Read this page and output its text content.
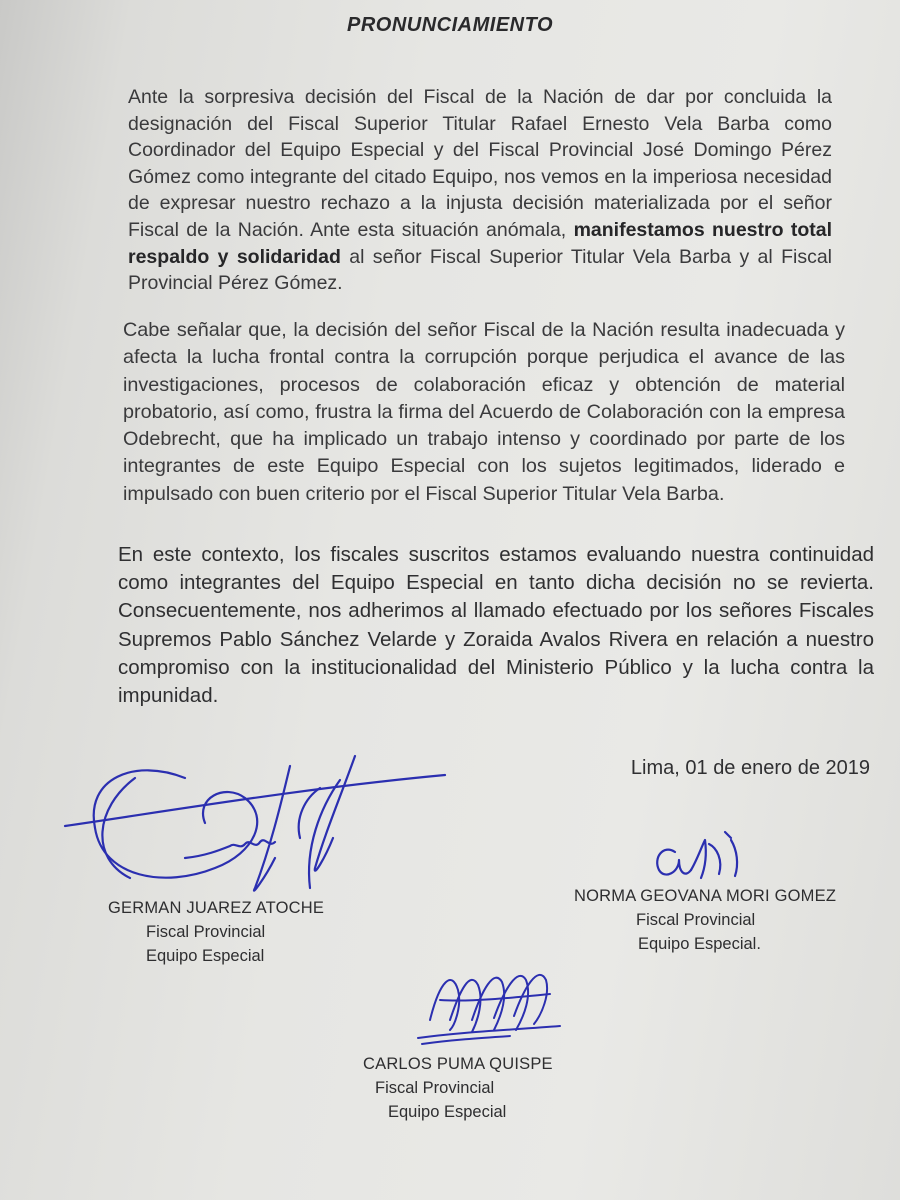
PRONUNCIAMIENTO

Ante la sorpresiva decisión del Fiscal de la Nación de dar por concluida la designación del Fiscal Superior Titular Rafael Ernesto Vela Barba como Coordinador del Equipo Especial y del Fiscal Provincial José Domingo Pérez Gómez como integrante del citado Equipo, nos vemos en la imperiosa necesidad de expresar nuestro rechazo a la injusta decisión materializada por el señor Fiscal de la Nación. Ante esta situación anómala, manifestamos nuestro total respaldo y solidaridad al señor Fiscal Superior Titular Vela Barba y al Fiscal Provincial Pérez Gómez.

Cabe señalar que, la decisión del señor Fiscal de la Nación resulta inadecuada y afecta la lucha frontal contra la corrupción porque perjudica el avance de las investigaciones, procesos de colaboración eficaz y obtención de material probatorio, así como, frustra la firma del Acuerdo de Colaboración con la empresa Odebrecht, que ha implicado un trabajo intenso y coordinado por parte de los integrantes de este Equipo Especial con los sujetos legitimados, liderado e impulsado con buen criterio por el Fiscal Superior Titular Vela Barba.

En este contexto, los fiscales suscritos estamos evaluando nuestra continuidad como integrantes del Equipo Especial en tanto dicha decisión no se revierta. Consecuentemente, nos adherimos al llamado efectuado por los señores Fiscales Supremos Pablo Sánchez Velarde y Zoraida Avalos Rivera en relación a nuestro compromiso con la institucionalidad del Ministerio Público y la lucha contra la impunidad.

Lima, 01 de enero de 2019
GERMAN JUAREZ ATOCHE
Fiscal Provincial
Equipo Especial
NORMA GEOVANA MORI GOMEZ
Fiscal Provincial
Equipo Especial.
CARLOS PUMA QUISPE
Fiscal Provincial
Equipo Especial
